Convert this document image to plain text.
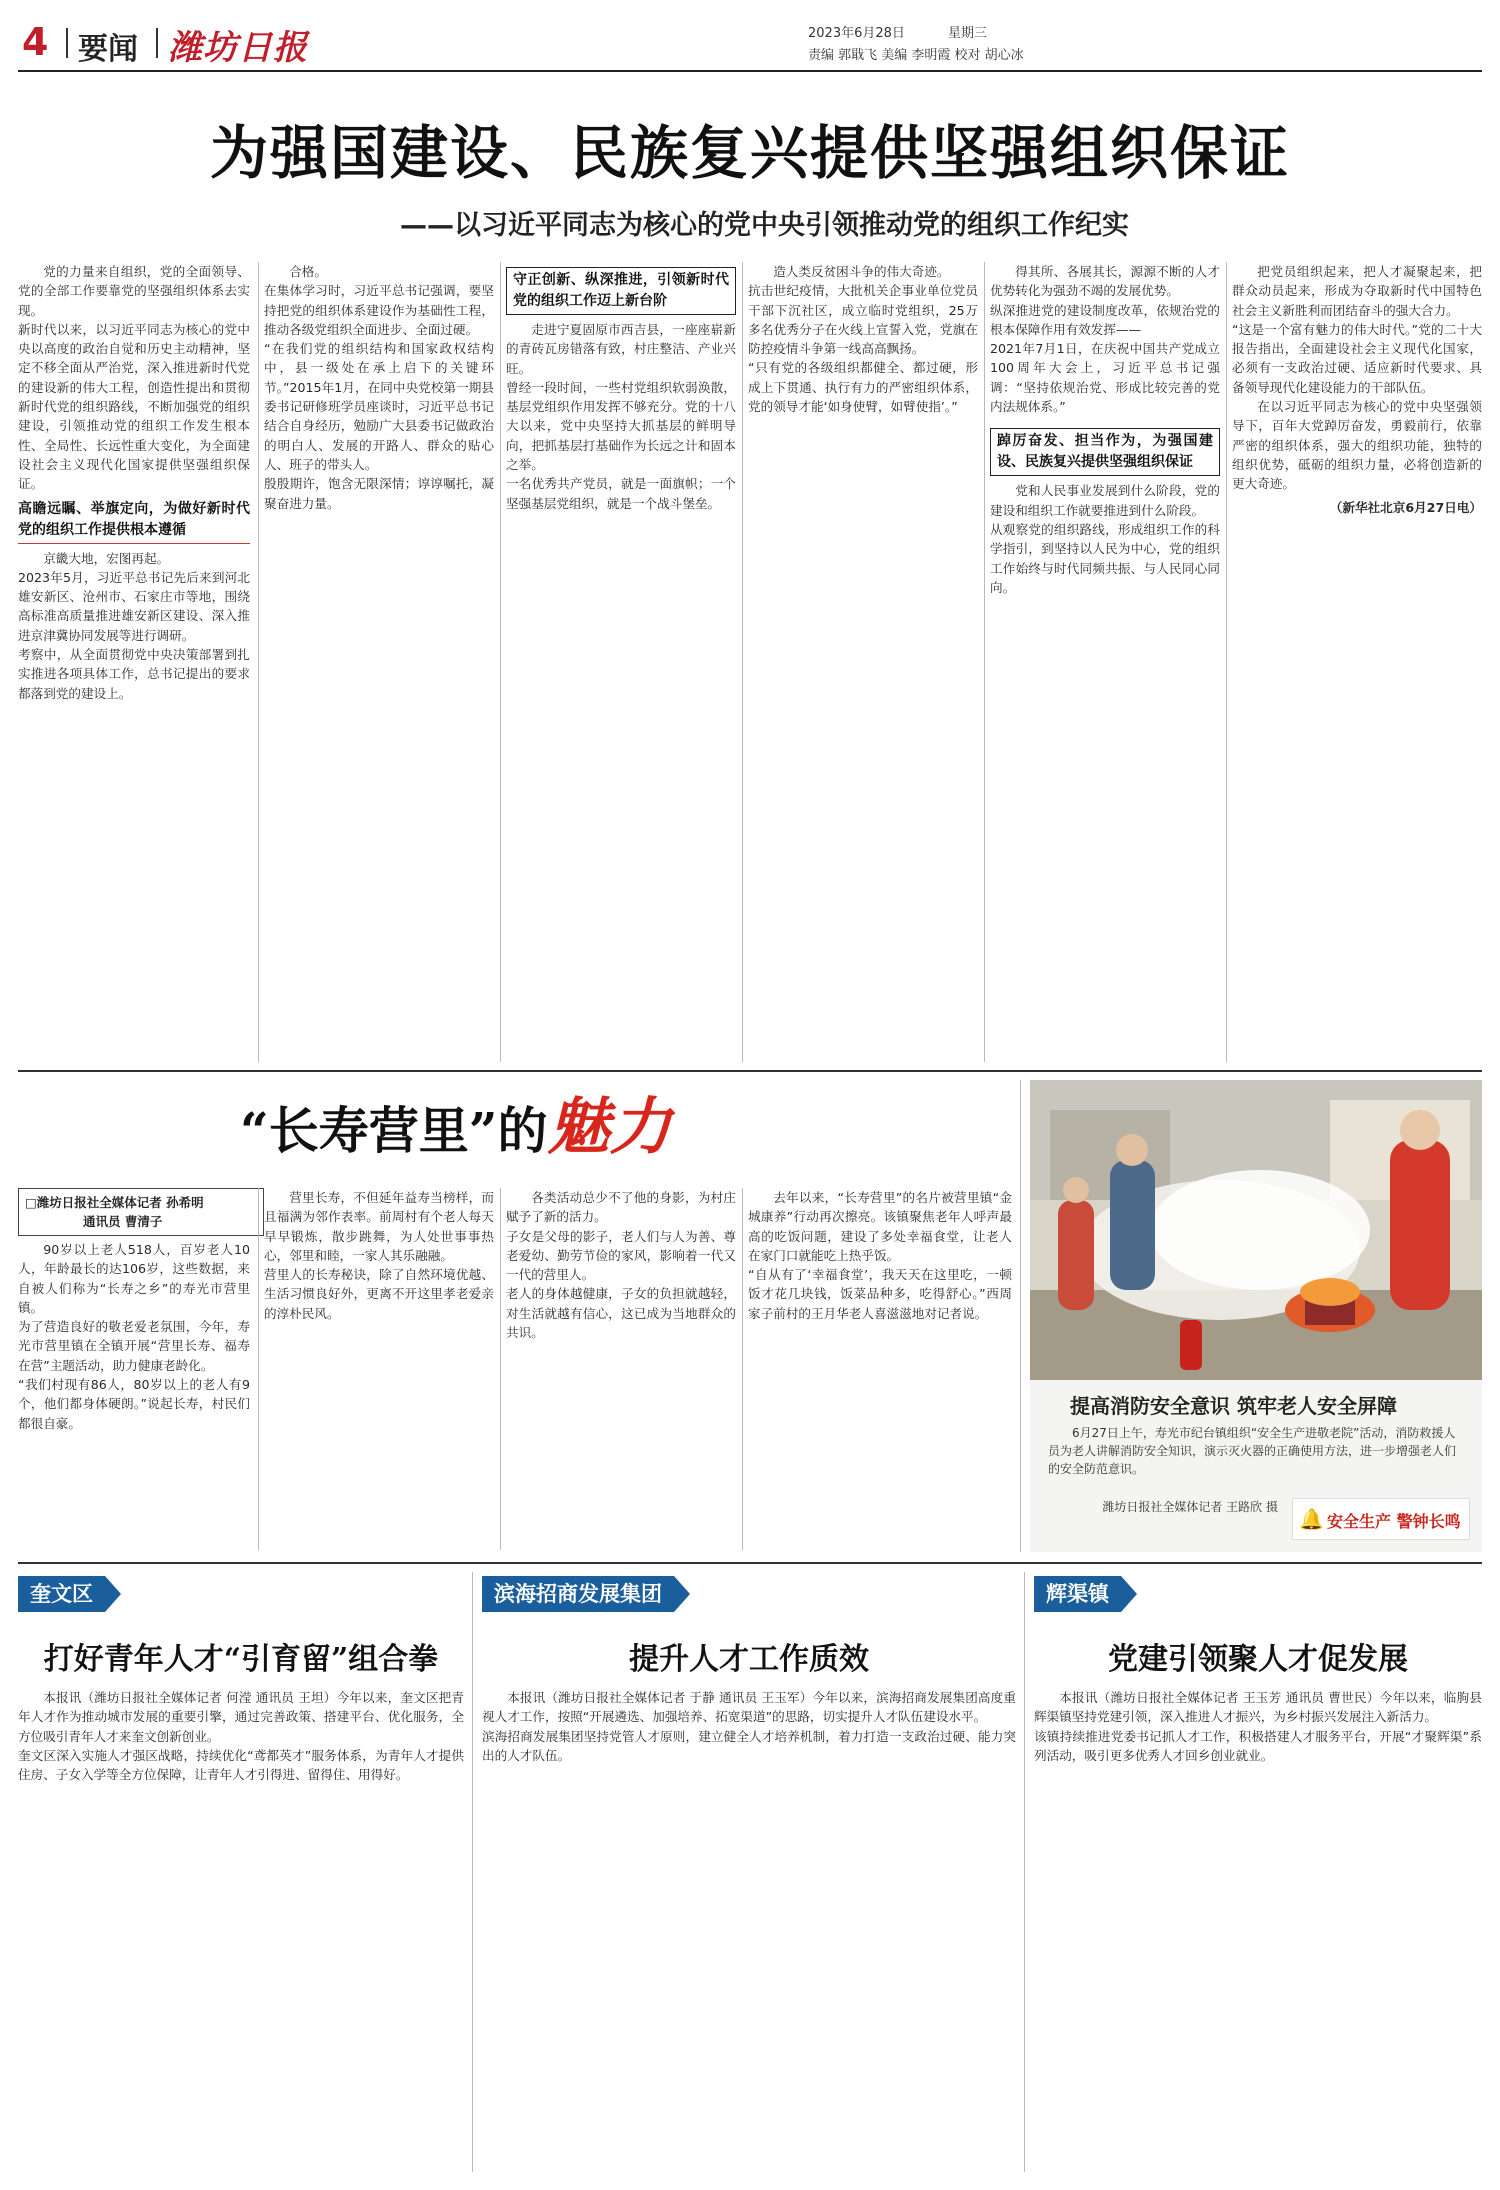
4 要闻 潍坊日报	2023年6月28日	星期三
责编 郭戢飞 美编 李明霞 校对 胡心冰
为强国建设、民族复兴提供坚强组织保证
——以习近平同志为核心的党中央引领推动党的组织工作纪实
党的力量来自组织，党的全面领导、党的全部工作要靠党的坚强组织体系去实现。
新时代以来，以习近平同志为核心的党中央以高度的政治自觉和历史主动精神，坚定不移全面从严治党，深入推进新时代党的建设新的伟大工程，创造性提出和贯彻新时代党的组织路线，不断加强党的组织建设，引领推动党的组织工作发生根本性、全局性、长远性重大变化，为全面建设社会主义现代化国家提供坚强组织保证。
高瞻远瞩、举旗定向，为做好新时代党的组织工作提供根本遵循
京畿大地，宏图再起。
2023年5月，习近平总书记先后来到河北雄安新区、沧州市、石家庄市等地，围绕高标准高质量推进雄安新区建设、深入推进京津冀协同发展等进行调研。
考察中，从全面贯彻党中央决策部署到扎实推进各项具体工作，总书记提出的要求都落到党的建设上。
合格。
在集体学习时，习近平总书记强调，要坚持把党的组织体系建设作为基础性工程，推动各级党组织全面进步、全面过硬。
“在我们党的组织结构和国家政权结构中，县一级处在承上启下的关键环节。”2015年1月，在同中央党校第一期县委书记研修班学员座谈时，习近平总书记结合自身经历，勉励广大县委书记做政治的明白人、发展的开路人、群众的贴心人、班子的带头人。
殷殷期许，饱含无限深情；谆谆嘱托，凝聚奋进力量。
守正创新、纵深推进，引领新时代党的组织工作迈上新台阶
走进宁夏固原市西吉县，一座座崭新的青砖瓦房错落有致，村庄整洁、产业兴旺。
曾经一段时间，一些村党组织软弱涣散，基层党组织作用发挥不够充分。党的十八大以来，党中央坚持大抓基层的鲜明导向，把抓基层打基础作为长远之计和固本之举。
一名优秀共产党员，就是一面旗帜；一个坚强基层党组织，就是一个战斗堡垒。
造人类反贫困斗争的伟大奇迹。
抗击世纪疫情，大批机关企事业单位党员干部下沉社区，成立临时党组织，25万多名优秀分子在火线上宣誓入党，党旗在防控疫情斗争第一线高高飘扬。
“只有党的各级组织都健全、都过硬，形成上下贯通、执行有力的严密组织体系，党的领导才能‘如身使臂，如臂使指’。”
得其所、各展其长，源源不断的人才优势转化为强劲不竭的发展优势。
纵深推进党的建设制度改革，依规治党的根本保障作用有效发挥——
2021年7月1日，在庆祝中国共产党成立100周年大会上，习近平总书记强调：“坚持依规治党、形成比较完善的党内法规体系。”
踔厉奋发、担当作为，为强国建设、民族复兴提供坚强组织保证
党和人民事业发展到什么阶段，党的建设和组织工作就要推进到什么阶段。
从观察党的组织路线，形成组织工作的科学指引，到坚持以人民为中心，党的组织工作始终与时代同频共振、与人民同心同向。
把党员组织起来，把人才凝聚起来，把群众动员起来，形成为夺取新时代中国特色社会主义新胜利而团结奋斗的强大合力。
“这是一个富有魅力的伟大时代。”党的二十大报告指出，全面建设社会主义现代化国家，必须有一支政治过硬、适应新时代要求、具备领导现代化建设能力的干部队伍。
在以习近平同志为核心的党中央坚强领导下，百年大党踔厉奋发，勇毅前行，依靠严密的组织体系，强大的组织功能，独特的组织优势，砥砺的组织力量，必将创造新的更大奇迹。
（新华社北京6月27日电）
“长寿营里”的魅力
□潍坊日报社全媒体记者 孙希明
通讯员 曹清子
90岁以上老人518人，百岁老人10人，年龄最长的达106岁，这些数据，来自被人们称为“长寿之乡”的寿光市营里镇。
为了营造良好的敬老爱老氛围，今年，寿光市营里镇在全镇开展“营里长寿、福寿在营”主题活动，助力健康老龄化。
“我们村现有86人，80岁以上的老人有9个，他们都身体硬朗。”说起长寿，村民们都很自豪。
营里长寿，不但延年益寿当榜样，而且福满为邻作表率。前周村有个老人每天早早锻炼，散步跳舞，为人处世事事热心，邻里和睦，一家人其乐融融。
营里人的长寿秘诀，除了自然环境优越、生活习惯良好外，更离不开这里孝老爱亲的淳朴民风。
各类活动总少不了他的身影，为村庄赋予了新的活力。
子女是父母的影子，老人们与人为善、尊老爱幼、勤劳节俭的家风，影响着一代又一代的营里人。
老人的身体越健康，子女的负担就越轻，对生活就越有信心，这已成为当地群众的共识。
去年以来，“长寿营里”的名片被营里镇“金城康养”行动再次擦亮。该镇聚焦老年人呼声最高的吃饭问题，建设了多处幸福食堂，让老人在家门口就能吃上热乎饭。
“自从有了‘幸福食堂’，我天天在这里吃，一顿饭才花几块钱，饭菜品种多，吃得舒心。”西周家子前村的王月华老人喜滋滋地对记者说。
提高消防安全意识 筑牢老人安全屏障
6月27日上午，寿光市纪台镇组织“安全生产进敬老院”活动，消防救援人员为老人讲解消防安全知识，演示灭火器的正确使用方法，进一步增强老人们的安全防范意识。
潍坊日报社全媒体记者 王路欣 摄 🔔 安全生产 警钟长鸣
奎文区
打好青年人才“引育留”组合拳
本报讯（潍坊日报社全媒体记者 何滢 通讯员 王坦）今年以来，奎文区把青年人才作为推动城市发展的重要引擎，通过完善政策、搭建平台、优化服务，全方位吸引青年人才来奎文创新创业。
奎文区深入实施人才强区战略，持续优化“鸢都英才”服务体系，为青年人才提供住房、子女入学等全方位保障，让青年人才引得进、留得住、用得好。
滨海招商发展集团
提升人才工作质效
本报讯（潍坊日报社全媒体记者 于静 通讯员 王玉军）今年以来，滨海招商发展集团高度重视人才工作，按照“开展遴选、加强培养、拓宽渠道”的思路，切实提升人才队伍建设水平。
滨海招商发展集团坚持党管人才原则，建立健全人才培养机制，着力打造一支政治过硬、能力突出的人才队伍。
辉渠镇
党建引领聚人才促发展
本报讯（潍坊日报社全媒体记者 王玉芳 通讯员 曹世民）今年以来，临朐县辉渠镇坚持党建引领，深入推进人才振兴，为乡村振兴发展注入新活力。
该镇持续推进党委书记抓人才工作，积极搭建人才服务平台，开展“才聚辉渠”系列活动，吸引更多优秀人才回乡创业就业。
